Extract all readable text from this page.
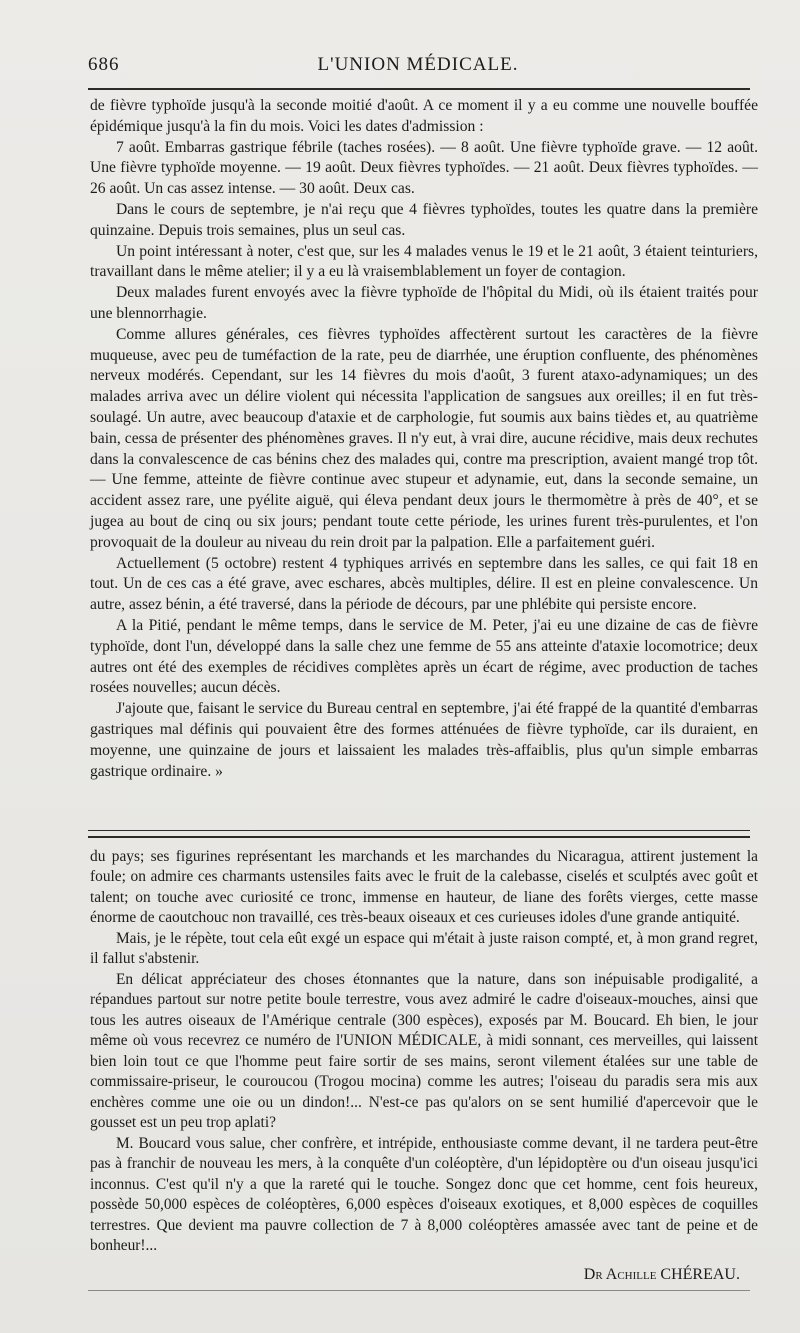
686	L'UNION MÉDICALE.

de fièvre typhoïde jusqu'à la seconde moitié d'août. A ce moment il y a eu comme une nouvelle bouffée épidémique jusqu'à la fin du mois. Voici les dates d'admission :

7 août. Embarras gastrique fébrile (taches rosées). — 8 août. Une fièvre typhoïde grave. — 12 août. Une fièvre typhoïde moyenne. — 19 août. Deux fièvres typhoïdes. — 21 août. Deux fièvres typhoïdes. — 26 août. Un cas assez intense. — 30 août. Deux cas.

Dans le cours de septembre, je n'ai reçu que 4 fièvres typhoïdes, toutes les quatre dans la première quinzaine. Depuis trois semaines, plus un seul cas.

Un point intéressant à noter, c'est que, sur les 4 malades venus le 19 et le 21 août, 3 étaient teinturiers, travaillant dans le même atelier; il y a eu là vraisemblablement un foyer de contagion.

Deux malades furent envoyés avec la fièvre typhoïde de l'hôpital du Midi, où ils étaient traités pour une blennorrhagie.

Comme allures générales, ces fièvres typhoïdes affectèrent surtout les caractères de la fièvre muqueuse, avec peu de tuméfaction de la rate, peu de diarrhée, une éruption confluente, des phénomènes nerveux modérés. Cependant, sur les 14 fièvres du mois d'août, 3 furent ataxo-adynamiques; un des malades arriva avec un délire violent qui nécessita l'application de sangsues aux oreilles; il en fut très-soulagé. Un autre, avec beaucoup d'ataxie et de carphologie, fut soumis aux bains tièdes et, au quatrième bain, cessa de présenter des phénomènes graves. Il n'y eut, à vrai dire, aucune récidive, mais deux rechutes dans la convalescence de cas bénins chez des malades qui, contre ma prescription, avaient mangé trop tôt. — Une femme, atteinte de fièvre continue avec stupeur et adynamie, eut, dans la seconde semaine, un accident assez rare, une pyélite aiguë, qui éleva pendant deux jours le thermomètre à près de 40°, et se jugea au bout de cinq ou six jours; pendant toute cette période, les urines furent très-purulentes, et l'on provoquait de la douleur au niveau du rein droit par la palpation. Elle a parfaitement guéri.

Actuellement (5 octobre) restent 4 typhiques arrivés en septembre dans les salles, ce qui fait 18 en tout. Un de ces cas a été grave, avec eschares, abcès multiples, délire. Il est en pleine convalescence. Un autre, assez bénin, a été traversé, dans la période de décours, par une phlébite qui persiste encore.

A la Pitié, pendant le même temps, dans le service de M. Peter, j'ai eu une dizaine de cas de fièvre typhoïde, dont l'un, développé dans la salle chez une femme de 55 ans atteinte d'ataxie locomotrice; deux autres ont été des exemples de récidives complètes après un écart de régime, avec production de taches rosées nouvelles; aucun décès.

J'ajoute que, faisant le service du Bureau central en septembre, j'ai été frappé de la quantité d'embarras gastriques mal définis qui pouvaient être des formes atténuées de fièvre typhoïde, car ils duraient, en moyenne, une quinzaine de jours et laissaient les malades très-affaiblis, plus qu'un simple embarras gastrique ordinaire. »

du pays; ses figurines représentant les marchands et les marchandes du Nicaragua, attirent justement la foule; on admire ces charmants ustensiles faits avec le fruit de la calebasse, ciselés et sculptés avec goût et talent; on touche avec curiosité ce tronc, immense en hauteur, de liane des forêts vierges, cette masse énorme de caoutchouc non travaillé, ces très-beaux oiseaux et ces curieuses idoles d'une grande antiquité.

Mais, je le répète, tout cela eût exgé un espace qui m'était à juste raison compté, et, à mon grand regret, il fallut s'abstenir.

En délicat appréciateur des choses étonnantes que la nature, dans son inépuisable prodigalité, a répandues partout sur notre petite boule terrestre, vous avez admiré le cadre d'oiseaux-mouches, ainsi que tous les autres oiseaux de l'Amérique centrale (300 espèces), exposés par M. Boucard. Eh bien, le jour même où vous recevrez ce numéro de l'UNION MÉDICALE, à midi sonnant, ces merveilles, qui laissent bien loin tout ce que l'homme peut faire sortir de ses mains, seront vilement étalées sur une table de commissaire-priseur, le couroucou (Trogou mocina) comme les autres; l'oiseau du paradis sera mis aux enchères comme une oie ou un dindon!... N'est-ce pas qu'alors on se sent humilié d'apercevoir que le gousset est un peu trop aplati?

M. Boucard vous salue, cher confrère, et intrépide, enthousiaste comme devant, il ne tardera peut-être pas à franchir de nouveau les mers, à la conquête d'un coléoptère, d'un lépidoptère ou d'un oiseau jusqu'ici inconnus. C'est qu'il n'y a que la rareté qui le touche. Songez donc que cet homme, cent fois heureux, possède 50,000 espèces de coléoptères, 6,000 espèces d'oiseaux exotiques, et 8,000 espèces de coquilles terrestres. Que devient ma pauvre collection de 7 à 8,000 coléoptères amassée avec tant de peine et de bonheur!...

Dr Achille CHÉREAU.
